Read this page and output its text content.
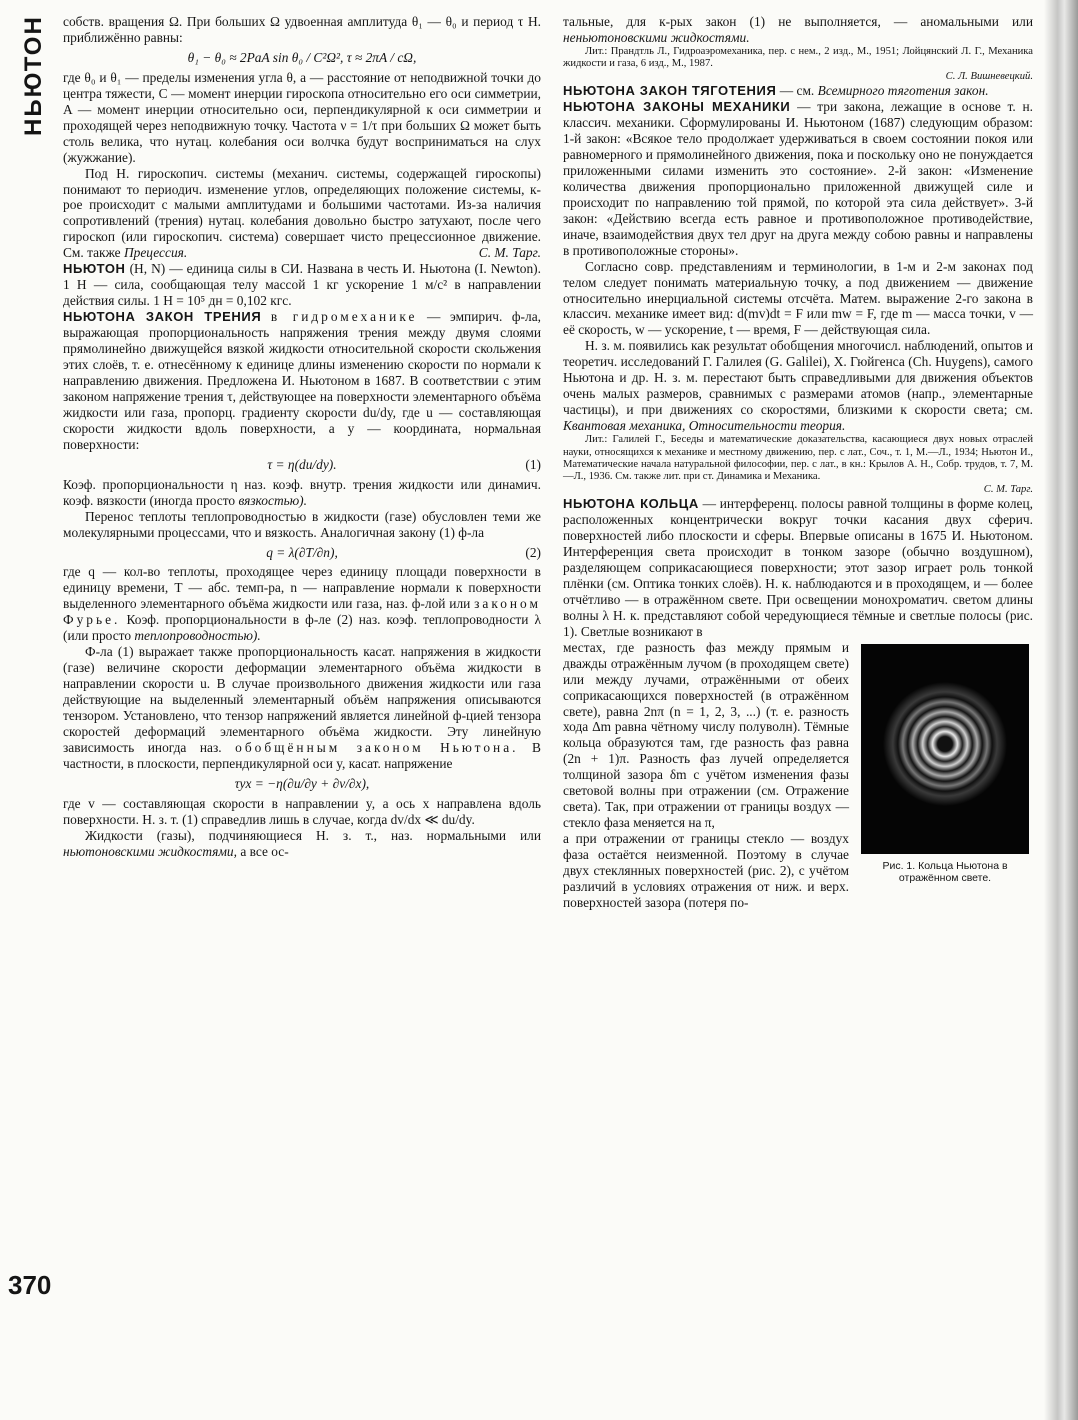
НЬЮТОН
370

собств. вращения Ω. При больших Ω удвоенная амплитуда θ₁ — θ₀ и период τ Н. приближённо равны:

θ₁ − θ₀ ≈ 2PaA sin θ₀ / C²Ω², τ ≈ 2πA / cΩ,

где θ₀ и θ₁ — пределы изменения угла θ, a — расстояние от неподвижной точки до центра тяжести, C — момент инерции гироскопа относительно его оси симметрии, A — момент инерции относительно оси, перпендикулярной к оси симметрии и проходящей через неподвижную точку. Частота ν = 1/τ при больших Ω может быть столь велика, что нутац. колебания оси волчка будут восприниматься на слух (жужжание).

Под Н. гироскопич. системы (механич. системы, содержащей гироскопы) понимают то периодич. изменение углов, определяющих положение системы, к-рое происходит с малыми амплитудами и большими частотами. Из-за наличия сопротивлений (трения) нутац. колебания довольно быстро затухают, после чего гироскоп (или гироскопич. система) совершает чисто прецессионное движение. См. также Прецессия.	С. М. Тарг.

НЬЮТОН (Н, N) — единица силы в СИ. Названа в честь И. Ньютона (I. Newton). 1 Н — сила, сообщающая телу массой 1 кг ускорение 1 м/с² в направлении действия силы. 1 Н = 10⁵ дн = 0,102 кгс.

НЬЮТОНА ЗАКОН ТРЕНИЯ в гидромеханике — эмпирич. ф-ла, выражающая пропорциональность напряжения трения между двумя слоями прямолинейно движущейся вязкой жидкости относительной скорости скольжения этих слоёв, т. е. отнесённому к единице длины изменению скорости по нормали к направлению движения. Предложена И. Ньютоном в 1687. В соответствии с этим законом напряжение трения τ, действующее на поверхности элементарного объёма жидкости или газа, пропорц. градиенту скорости du/dy, где u — составляющая скорости жидкости вдоль поверхности, а y — координата, нормальная поверхности:

τ = η(du/dy).	(1)

Коэф. пропорциональности η наз. коэф. внутр. трения жидкости или динамич. коэф. вязкости (иногда просто вязкостью).

Перенос теплоты теплопроводностью в жидкости (газе) обусловлен теми же молекулярными процессами, что и вязкость. Аналогичная закону (1) ф-ла

q = λ(∂T/∂n),	(2)

где q — кол-во теплоты, проходящее через единицу площади поверхности в единицу времени, T — абс. темп-ра, n — направление нормали к поверхности выделенного элементарного объёма жидкости или газа, наз. ф-лой или законом Фурье. Коэф. пропорциональности в ф-ле (2) наз. коэф. теплопроводности λ (или просто теплопроводностью).

Ф-ла (1) выражает также пропорциональность касат. напряжения в жидкости (газе) величине скорости деформации элементарного объёма жидкости в направлении скорости u. В случае произвольного движения жидкости или газа действующие на выделенный элементарный объём напряжения описываются тензором. Установлено, что тензор напряжений является линейной ф-цией тензора скоростей деформаций элементарного объёма жидкости. Эту линейную зависимость иногда наз. обобщённым законом Ньютона. В частности, в плоскости, перпендикулярной оси y, касат. напряжение

τyx = −η(∂u/∂y + ∂v/∂x),

где v — составляющая скорости в направлении y, а ось x направлена вдоль поверхности. Н. з. т. (1) справедлив лишь в случае, когда dv/dx ≪ du/dy.

Жидкости (газы), подчиняющиеся Н. з. т., наз. нормальными или ньютоновскими жидкостями, а все ос-

тальные, для к-рых закон (1) не выполняется, — аномальными или неньютоновскими жидкостями.

Лит.: Прандтль Л., Гидроаэромеханика, пер. с нем., 2 изд., М., 1951; Лойцянский Л. Г., Механика жидкости и газа, 6 изд., М., 1987.

С. Л. Вишневецкий.

НЬЮТОНА ЗАКОН ТЯГОТЕНИЯ — см. Всемирного тяготения закон.

НЬЮТОНА ЗАКОНЫ МЕХАНИКИ — три закона, лежащие в основе т. н. классич. механики. Сформулированы И. Ньютоном (1687) следующим образом: 1-й закон: «Всякое тело продолжает удерживаться в своем состоянии покоя или равномерного и прямолинейного движения, пока и поскольку оно не понуждается приложенными силами изменить это состояние». 2-й закон: «Изменение количества движения пропорционально приложенной движущей силе и происходит по направлению той прямой, по которой эта сила действует». 3-й закон: «Действию всегда есть равное и противоположное противодействие, иначе, взаимодействия двух тел друг на друга между собою равны и направлены в противоположные стороны».

Согласно совр. представлениям и терминологии, в 1-м и 2-м законах под телом следует понимать материальную точку, а под движением — движение относительно инерциальной системы отсчёта. Матем. выражение 2-го закона в классич. механике имеет вид: d(mv)dt = F или mw = F, где m — масса точки, v — её скорость, w — ускорение, t — время, F — действующая сила.

Н. з. м. появились как результат обобщения многочисл. наблюдений, опытов и теоретич. исследований Г. Галилея (G. Galilei), Х. Гюйгенса (Ch. Huygens), самого Ньютона и др. Н. з. м. перестают быть справедливыми для движения объектов очень малых размеров, сравнимых с размерами атомов (напр., элементарные частицы), и при движениях со скоростями, близкими к скорости света; см. Квантовая механика, Относительности теория.

Лит.: Галилей Г., Беседы и математические доказательства, касающиеся двух новых отраслей науки, относящихся к механике и местному движению, пер. с лат., Соч., т. 1, М.—Л., 1934; Ньютон И., Математические начала натуральной философии, пер. с лат., в кн.: Крылов А. Н., Собр. трудов, т. 7, М.—Л., 1936. См. также лит. при ст. Динамика и Механика.

С. М. Тарг.

НЬЮТОНА КОЛЬЦА — интерференц. полосы равной толщины в форме колец, расположенных концентрически вокруг точки касания двух сферич. поверхностей либо плоскости и сферы. Впервые описаны в 1675 И. Ньютоном. Интерференция света происходит в тонком зазоре (обычно воздушном), разделяющем соприкасающиеся поверхности; этот зазор играет роль тонкой плёнки (см. Оптика тонких слоёв). Н. к. наблюдаются и в проходящем, и — более отчётливо — в отражённом свете. При освещении монохроматич. светом длины волны λ Н. к. представляют собой чередующиеся тёмные и светлые полосы (рис. 1). Светлые возникают в

Рис. 1. Кольца Ньютона в отражённом свете.

местах, где разность фаз между прямым и дважды отражённым лучом (в проходящем свете) или между лучами, отражёнными от обеих соприкасающихся поверхностей (в отражённом свете), равна 2nπ (n = 1, 2, 3, ...) (т. е. разность хода Δm равна чётному числу полуволн). Тёмные кольца образуются там, где разность фаз равна (2n + 1)π. Разность фаз лучей определяется толщиной зазора δm с учётом изменения фазы световой волны при отражении (см. Отражение света). Так, при отражении от границы воздух — стекло фаза меняется на π,

а при отражении от границы стекло — воздух фаза остаётся неизменной. Поэтому в случае двух стеклянных поверхностей (рис. 2), с учётом различий в условиях отражения от ниж. и верх. поверхностей зазора (потеря по-
